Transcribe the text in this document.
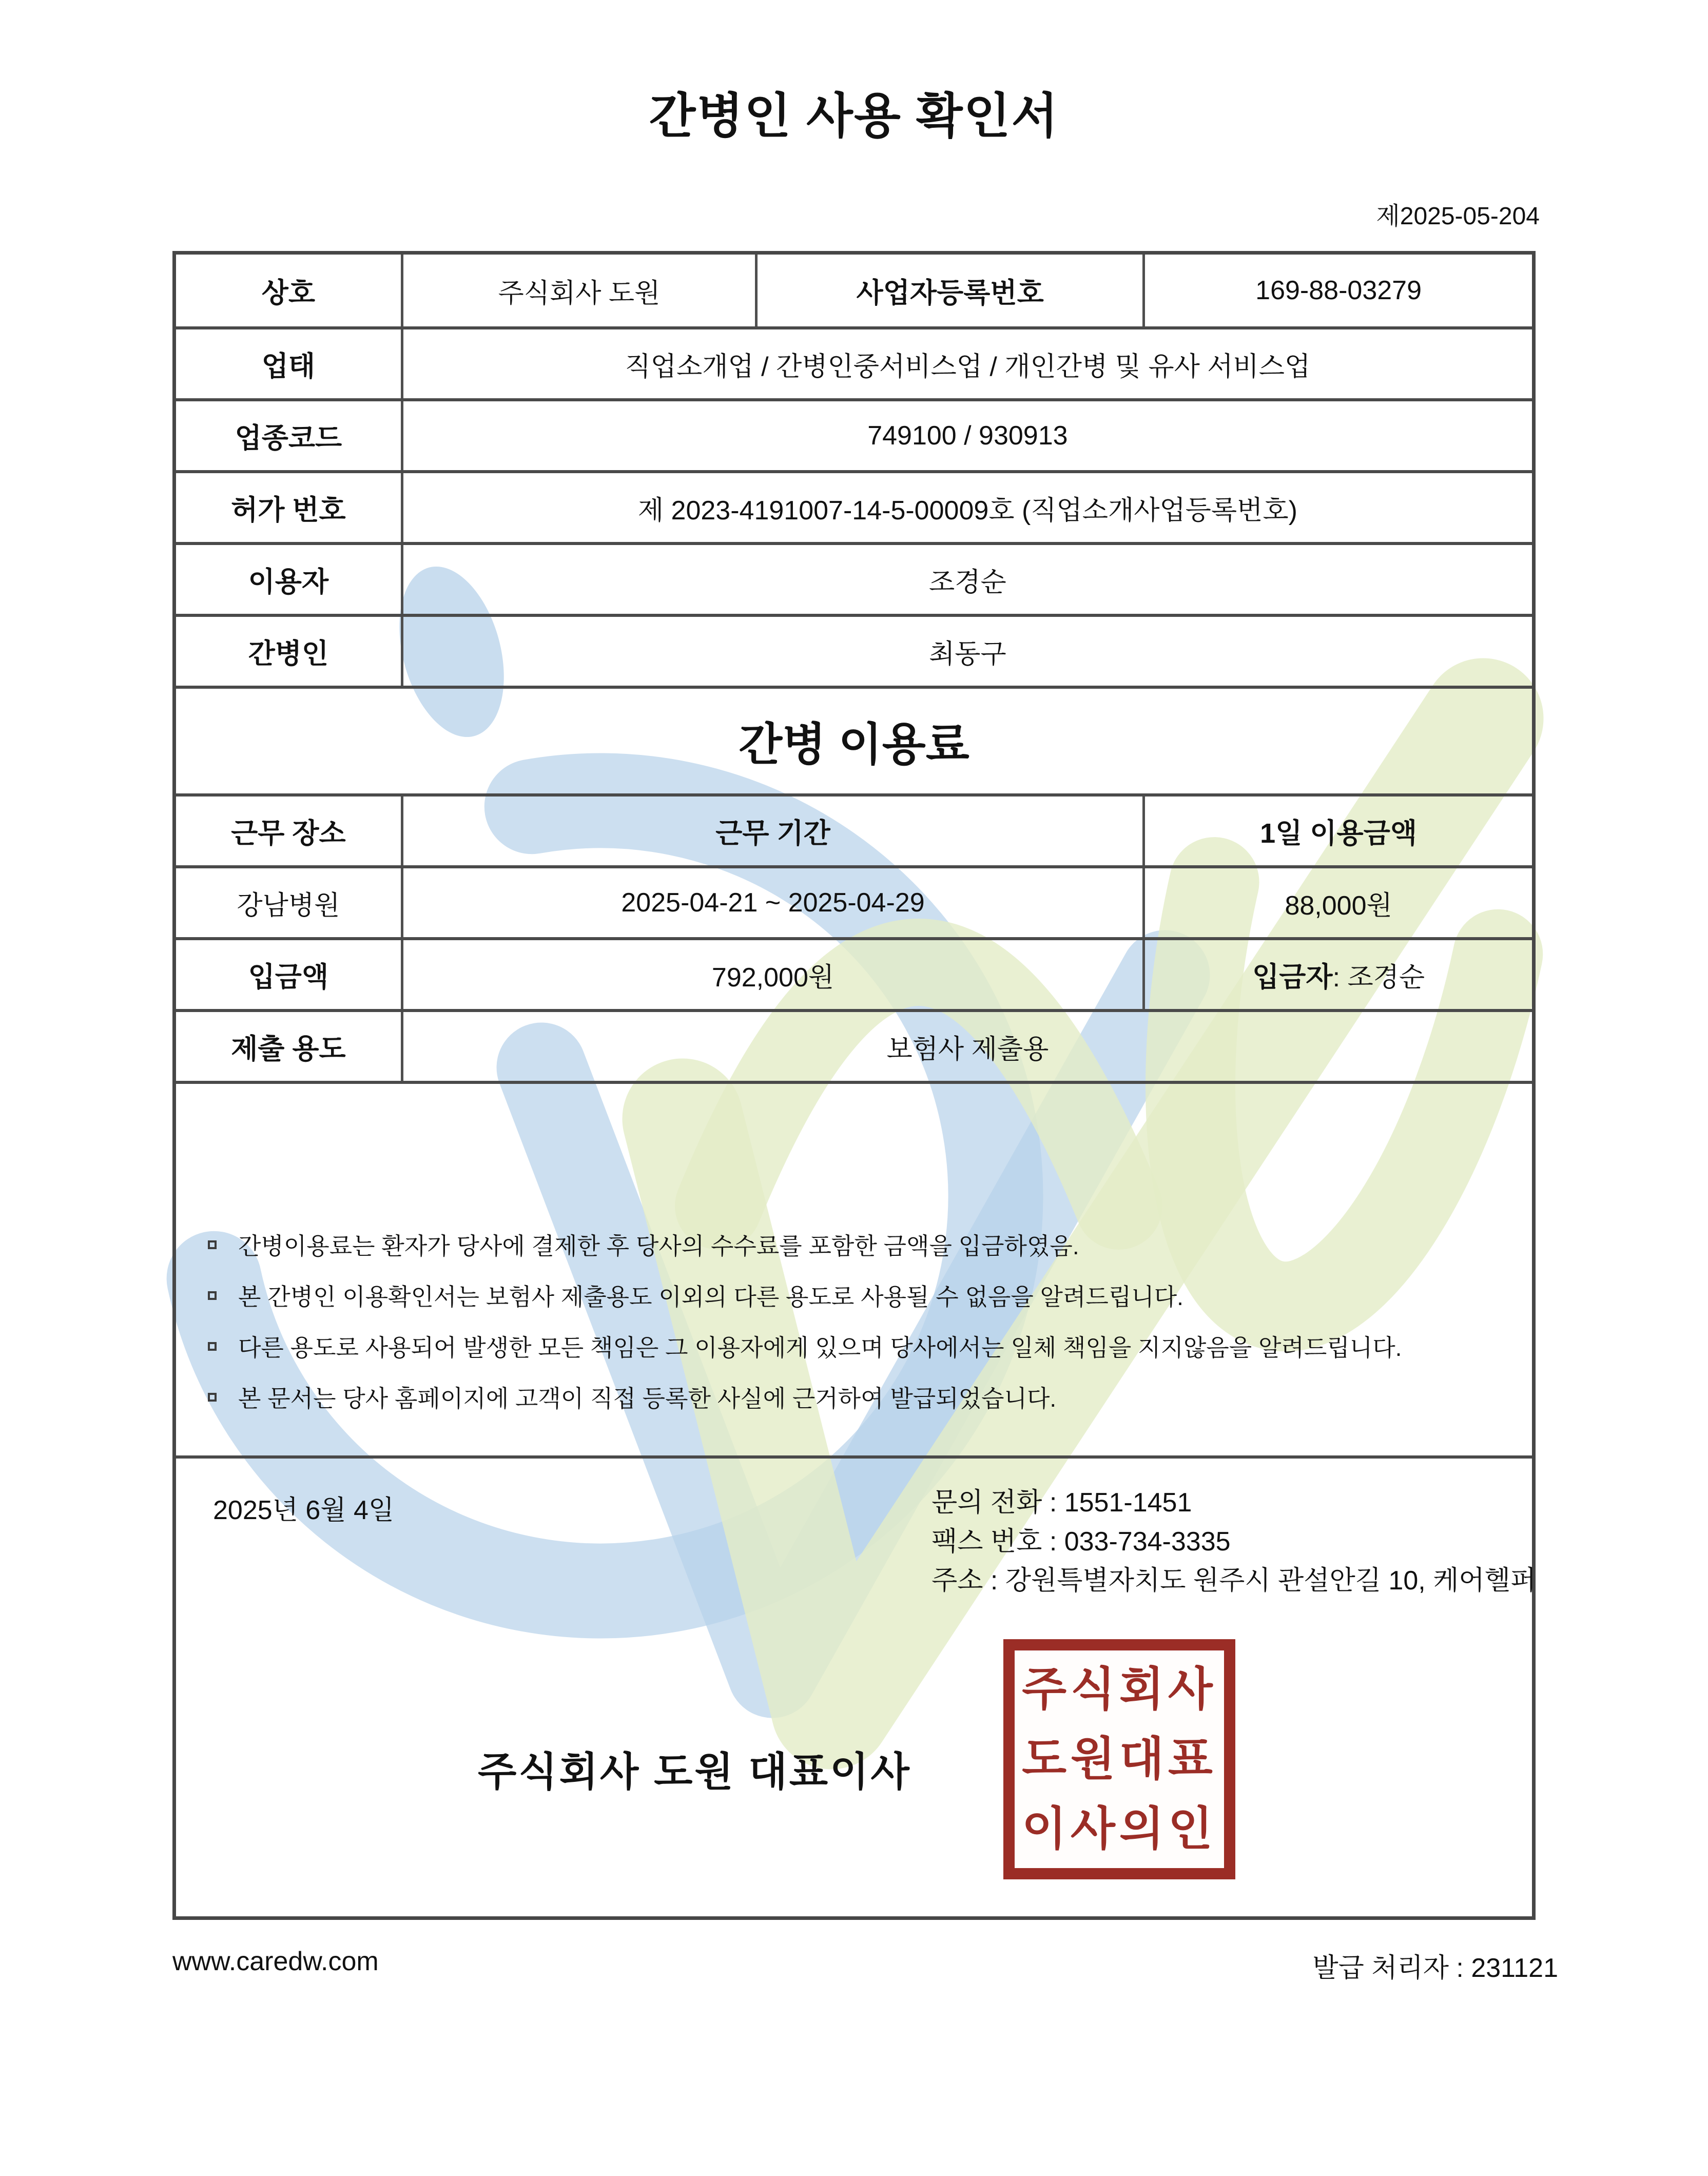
간병인 사용 확인서
제2025-05-204
상호	주식회사 도원	사업자등록번호	169-88-03279
업태	직업소개업 / 간병인중서비스업 / 개인간병 및 유사 서비스업
업종코드	749100 / 930913
허가 번호	제 2023-4191007-14-5-00009호 (직업소개사업등록번호)
이용자	조경순
간병인	최동구
간병 이용료
근무 장소	근무 기간	1일 이용금액
강남병원	2025-04-21 ~ 2025-04-29	88,000원
입금액	792,000원	입금자 : 조경순
제출 용도	보험사 제출용
간병이용료는 환자가 당사에 결제한 후 당사의 수수료를 포함한 금액을 입금하였음.
본 간병인 이용확인서는 보험사 제출용도 이외의 다른 용도로 사용될 수 없음을 알려드립니다.
다른 용도로 사용되어 발생한 모든 책임은 그 이용자에게 있으며 당사에서는 일체 책임을 지지않음을 알려드립니다.
본 문서는 당사 홈페이지에 고객이 직접 등록한 사실에 근거하여 발급되었습니다.
2025년 6월 4일	문의 전화 : 1551-1451
팩스 번호 : 033-734-3335
주소 : 강원특별자치도 원주시 관설안길 10, 케어헬퍼
주식회사 도원 대표이사
주식회사
도원대표
이사의인
www.caredw.com	발급 처리자 : 231121
